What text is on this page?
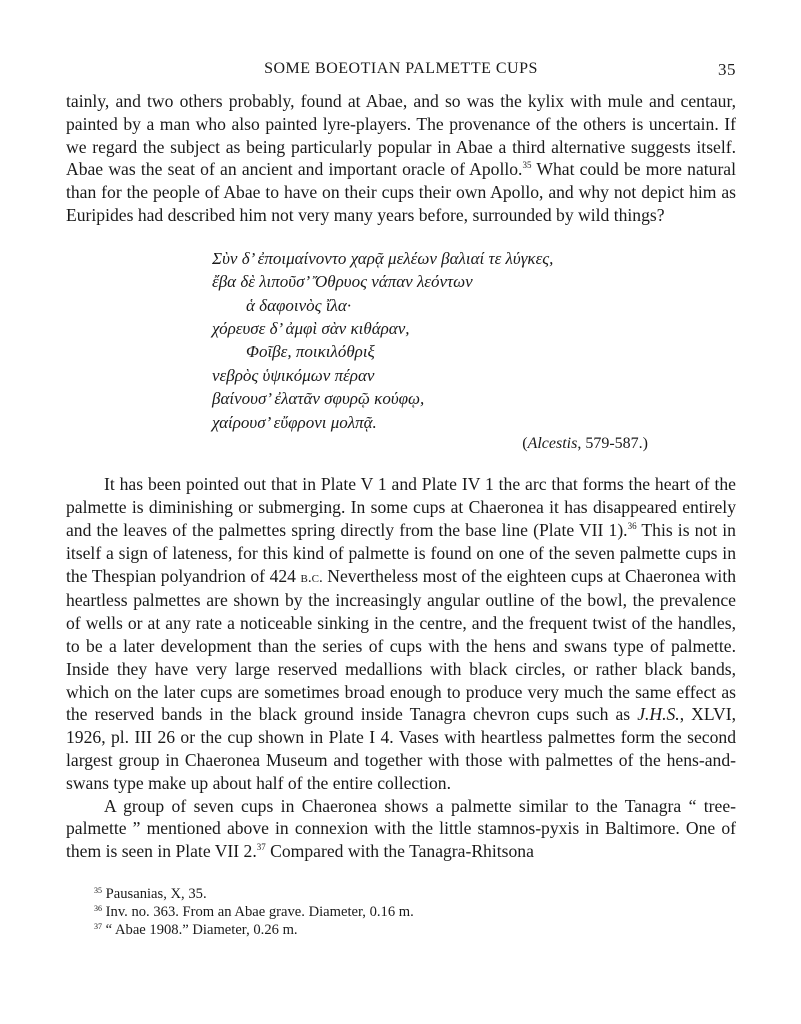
SOME BOEOTIAN PALMETTE CUPS	35

tainly, and two others probably, found at Abae, and so was the kylix with mule and centaur, painted by a man who also painted lyre-players. The provenance of the others is uncertain. If we regard the subject as being particularly popular in Abae a third alternative suggests itself. Abae was the seat of an ancient and important oracle of Apollo.$^{35}$ What could be more natural than for the people of Abae to have on their cups their own Apollo, and why not depict him as Euripides had described him not very many years before, surrounded by wild things?

Σὺν δ’ ἐποιμαίνοντο χαρᾷ μελέων βαλιαί τε λύγκες,
ἔβα δὲ λιποῦσ’ Ὄθρυος νάπαν λεόντων
ἁ δαφοινὸς ἴλα·
χόρευσε δ’ ἀμφὶ σὰν κιθάραν,
Φοῖβε, ποικιλόθριξ
νεβρὸς ὑψικόμων πέραν
βαίνουσ’ ἐλατᾶν σφυρῷ κούφῳ,
χαίρουσ’ εὔφρονι μολπᾷ.
(Alcestis, 579-587.)

It has been pointed out that in Plate V 1 and Plate IV 1 the arc that forms the heart of the palmette is diminishing or submerging. In some cups at Chaeronea it has disappeared entirely and the leaves of the palmettes spring directly from the base line (Plate VII 1).$^{36}$ This is not in itself a sign of lateness, for this kind of palmette is found on one of the seven palmette cups in the Thespian polyandrion of 424 b.c. Nevertheless most of the eighteen cups at Chaeronea with heartless palmettes are shown by the increasingly angular outline of the bowl, the prevalence of wells or at any rate a noticeable sinking in the centre, and the frequent twist of the handles, to be a later development than the series of cups with the hens and swans type of palmette. Inside they have very large reserved medallions with black circles, or rather black bands, which on the later cups are sometimes broad enough to produce very much the same effect as the reserved bands in the black ground inside Tanagra chevron cups such as J.H.S., XLVI, 1926, pl. III 26 or the cup shown in Plate I 4. Vases with heartless palmettes form the second largest group in Chaeronea Museum and together with those with palmettes of the hens-and-swans type make up about half of the entire collection.

A group of seven cups in Chaeronea shows a palmette similar to the Tanagra “ tree-palmette ” mentioned above in connexion with the little stamnos-pyxis in Baltimore. One of them is seen in Plate VII 2.37 Compared with the Tanagra-Rhitsona

$^{35}$ Pausanias, X, 35.
$^{36}$ Inv. no. 363. From an Abae grave. Diameter, 0.16 m.
$^{37}$ “ Abae 1908.” Diameter, 0.26 m.
